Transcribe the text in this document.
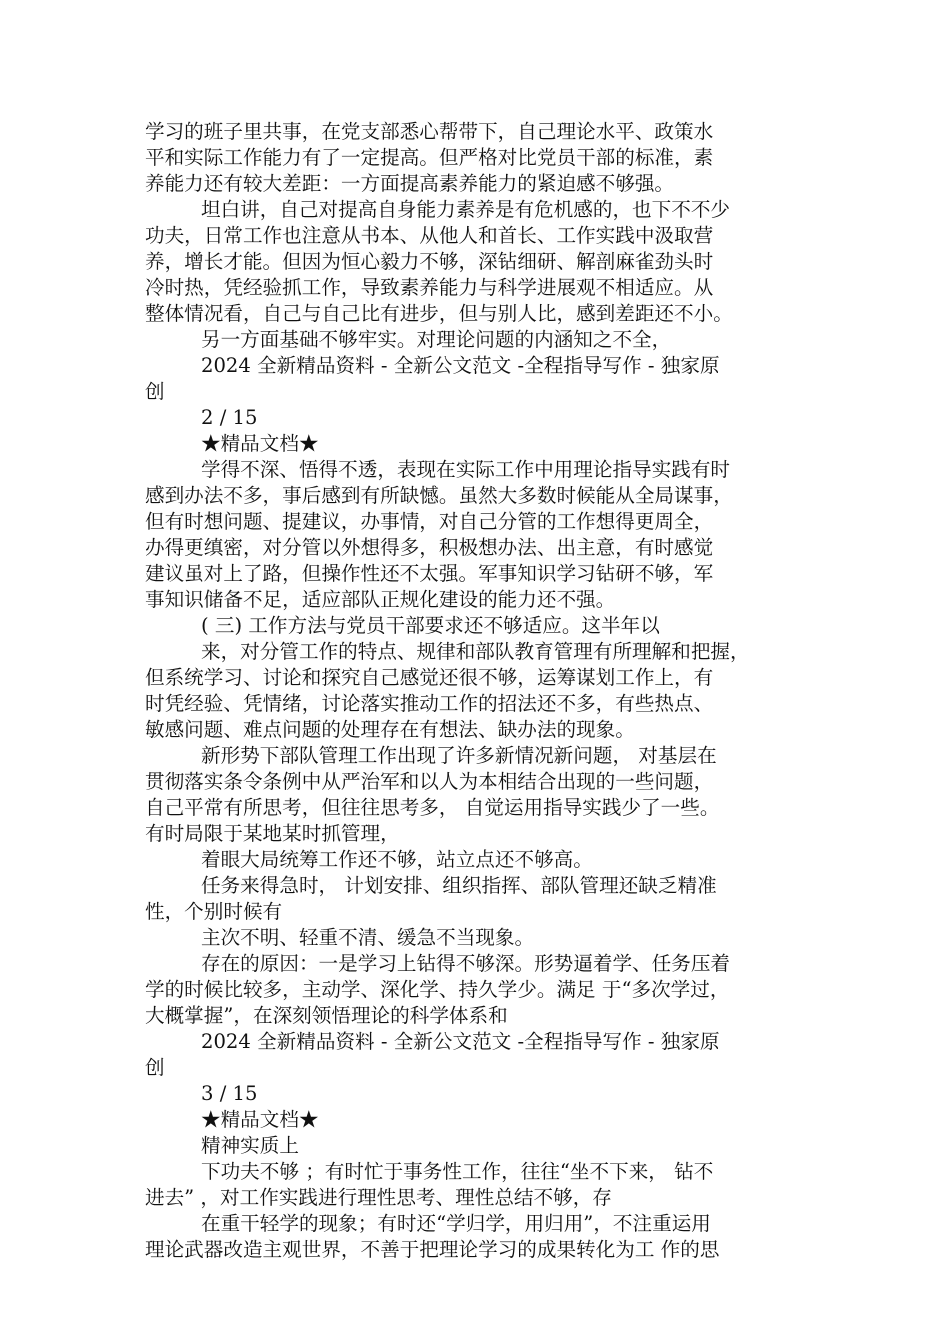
学习的班子里共事，在党支部悉心帮带下，自己理论水平、政策水
平和实际工作能力有了一定提高。但严格对比党员干部的标准，素
养能力还有较大差距：一方面提高素养能力的紧迫感不够强。
坦白讲，自己对提高自身能力素养是有危机感的，也下不不少
功夫，日常工作也注意从书本、从他人和首长、工作实践中汲取营
养，增长才能。但因为恒心毅力不够，深钻细研、解剖麻雀劲头时
冷时热，凭经验抓工作，导致素养能力与科学进展观不相适应。从
整体情况看，自己与自己比有进步，但与别人比，感到差距还不小。
另一方面基础不够牢实。对理论问题的内涵知之不全，
2024 全新精品资料 - 全新公文范文 -全程指导写作 - 独家原
创
2 / 15
★精品文档★
学得不深、悟得不透，表现在实际工作中用理论指导实践有时
感到办法不多，事后感到有所缺憾。虽然大多数时候能从全局谋事，
但有时想问题、提建议，办事情，对自己分管的工作想得更周全，
办得更缜密，对分管以外想得多，积极想办法、出主意，有时感觉
建议虽对上了路，但操作性还不太强。军事知识学习钻研不够，军
事知识储备不足，适应部队正规化建设的能力还不强。
( 三) 工作方法与党员干部要求还不够适应。这半年以
来，对分管工作的特点、规律和部队教育管理有所理解和把握，
但系统学习、讨论和探究自己感觉还很不够，运筹谋划工作上，有
时凭经验、凭情绪，讨论落实推动工作的招法还不多，有些热点、
敏感问题、难点问题的处理存在有想法、缺办法的现象。
新形势下部队管理工作出现了许多新情况新问题， 对基层在
贯彻落实条令条例中从严治军和以人为本相结合出现的一些问题，
自己平常有所思考，但往往思考多， 自觉运用指导实践少了一些。
有时局限于某地某时抓管理，
着眼大局统筹工作还不够，站立点还不够高。
任务来得急时， 计划安排、组织指挥、部队管理还缺乏精准
性，个别时候有
主次不明、轻重不清、缓急不当现象。
存在的原因：一是学习上钻得不够深。形势逼着学、任务压着
学的时候比较多，主动学、深化学、持久学少。满足 于“多次学过，
大概掌握”，在深刻领悟理论的科学体系和
2024 全新精品资料 - 全新公文范文 -全程指导写作 - 独家原
创
3 / 15
★精品文档★
精神实质上
下功夫不够 ；有时忙于事务性工作，往往“坐不下来， 钻不
进去” ，对工作实践进行理性思考、理性总结不够，存
在重干轻学的现象；有时还“学归学，用归用”，不注重运用
理论武器改造主观世界，不善于把理论学习的成果转化为工 作的思
